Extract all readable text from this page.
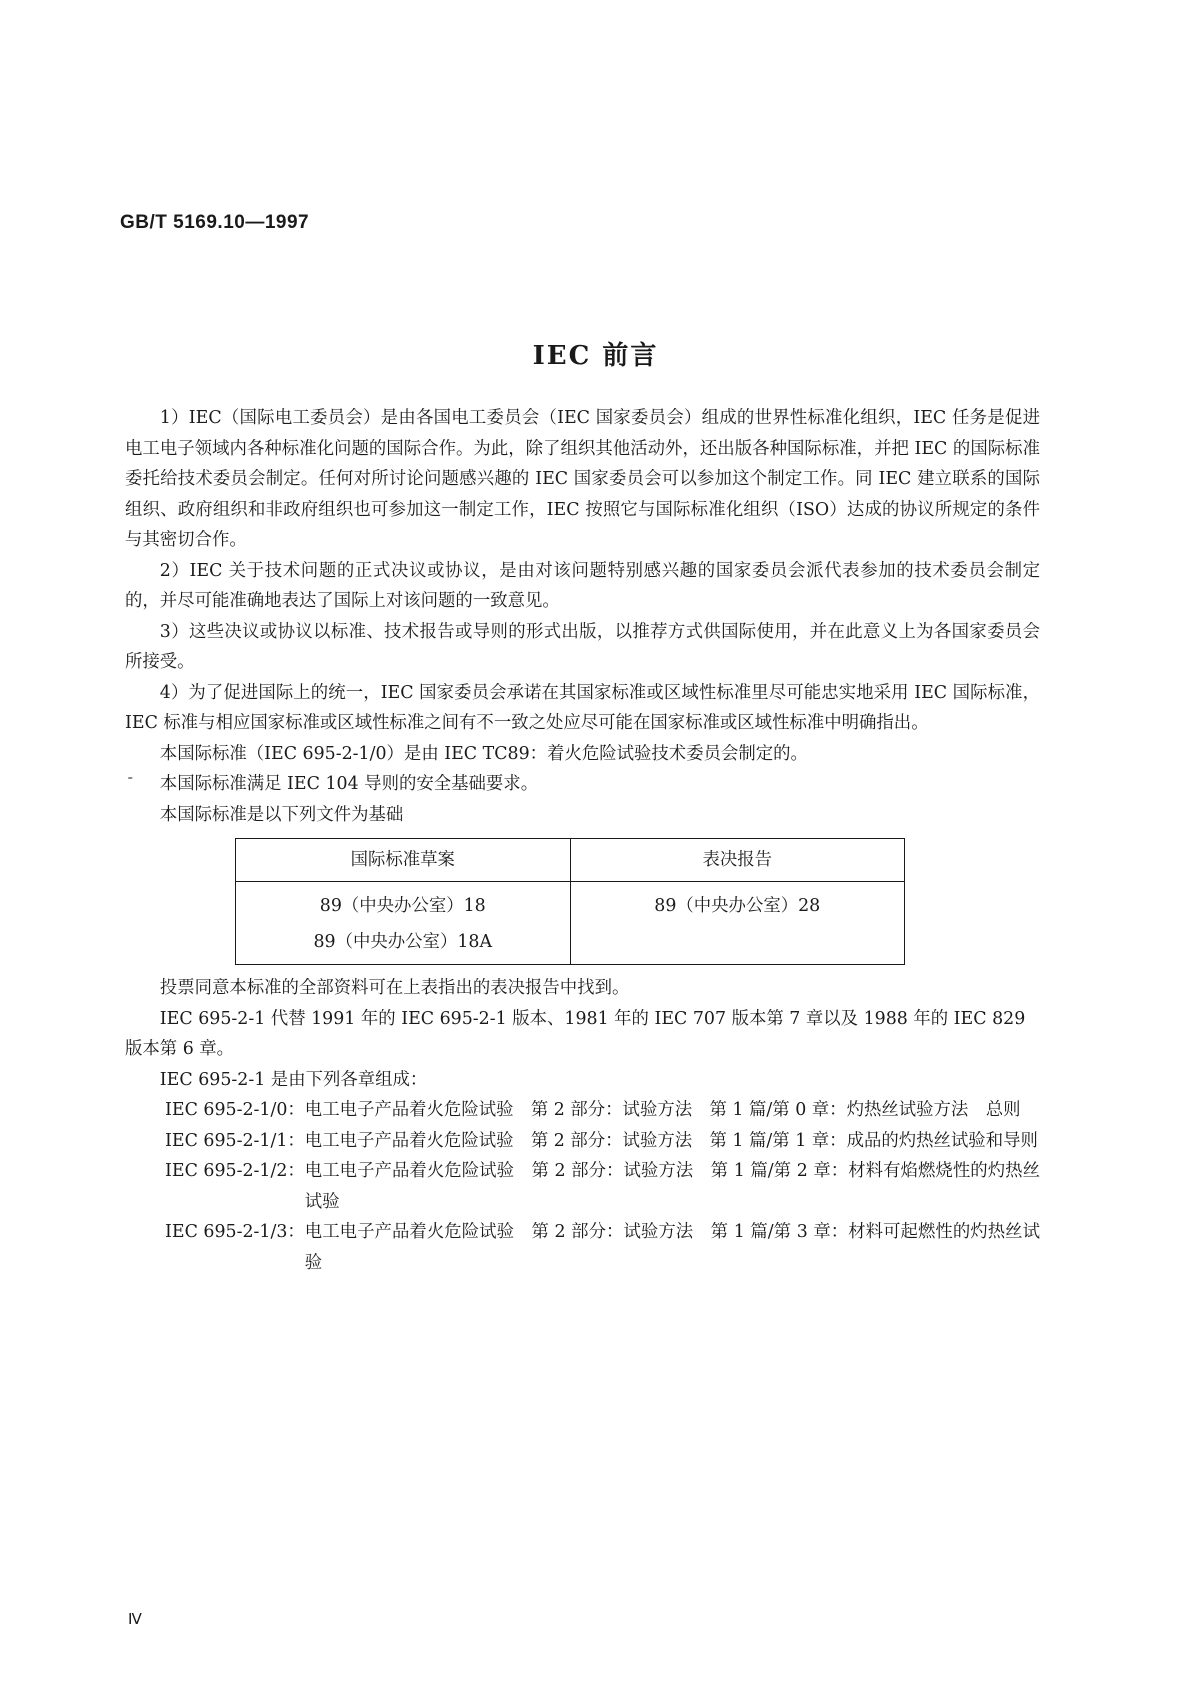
GB/T 5169.10—1997
IEC 前言

1）IEC（国际电工委员会）是由各国电工委员会（IEC 国家委员会）组成的世界性标准化组织，IEC 任务是促进电工电子领域内各种标准化问题的国际合作。为此，除了组织其他活动外，还出版各种国际标准，并把 IEC 的国际标准委托给技术委员会制定。任何对所讨论问题感兴趣的 IEC 国家委员会可以参加这个制定工作。同 IEC 建立联系的国际组织、政府组织和非政府组织也可参加这一制定工作，IEC 按照它与国际标准化组织（ISO）达成的协议所规定的条件与其密切合作。

2）IEC 关于技术问题的正式决议或协议，是由对该问题特别感兴趣的国家委员会派代表参加的技术委员会制定的，并尽可能准确地表达了国际上对该问题的一致意见。

3）这些决议或协议以标准、技术报告或导则的形式出版，以推荐方式供国际使用，并在此意义上为各国家委员会所接受。

4）为了促进国际上的统一，IEC 国家委员会承诺在其国家标准或区域性标准里尽可能忠实地采用 IEC 国际标准，IEC 标准与相应国家标准或区域性标准之间有不一致之处应尽可能在国家标准或区域性标准中明确指出。

本国际标准（IEC 695-2-1/0）是由 IEC TC89：着火危险试验技术委员会制定的。

ˉ 本国际标准满足 IEC 104 导则的安全基础要求。

本国际标准是以下列文件为基础

国际标准草案	表决报告

89（中央办公室）18
89（中央办公室）18A	89（中央办公室）28

投票同意本标准的全部资料可在上表指出的表决报告中找到。

IEC 695-2-1 代替 1991 年的 IEC 695-2-1 版本、1981 年的 IEC 707 版本第 7 章以及 1988 年的 IEC 829 版本第 6 章。

IEC 695-2-1 是由下列各章组成：

IEC 695-2-1/0： 电工电子产品着火危险试验　第 2 部分：试验方法　第 1 篇/第 0 章：灼热丝试验方法　总则
IEC 695-2-1/1： 电工电子产品着火危险试验　第 2 部分：试验方法　第 1 篇/第 1 章：成品的灼热丝试验和导则
IEC 695-2-1/2： 电工电子产品着火危险试验　第 2 部分：试验方法　第 1 篇/第 2 章：材料有焰燃烧性的灼热丝试验
IEC 695-2-1/3： 电工电子产品着火危险试验　第 2 部分：试验方法　第 1 篇/第 3 章：材料可起燃性的灼热丝试验
Ⅳ
